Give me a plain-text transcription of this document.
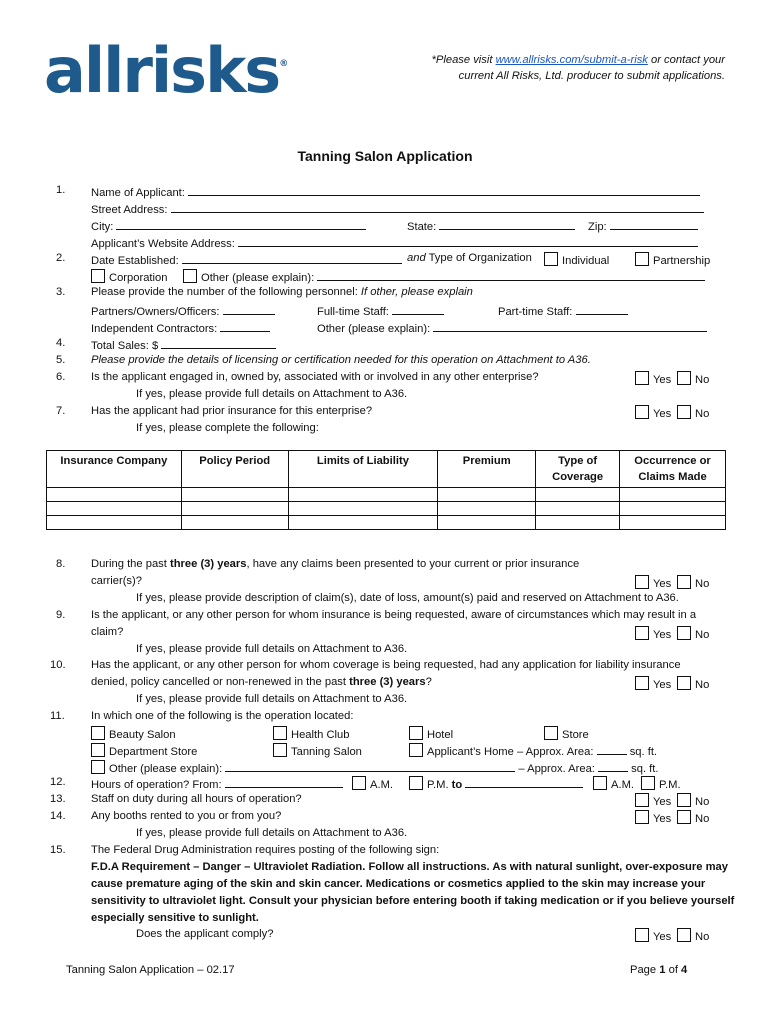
allrisks®	*Please visit www.allrisks.com/submit-a-risk or contact your current All Risks, Ltd. producer to submit applications.
Tanning Salon Application
1. Name of Applicant:
Street Address:
City:	State:	Zip:
Applicant’s Website Address:
2. Date Established:	and Type of Organization	Individual	Partnership
Corporation	Other (please explain):
3. Please provide the number of the following personnel: If other, please explain
Partners/Owners/Officers:	Full-time Staff:	Part-time Staff:
Independent Contractors:	Other (please explain):
4. Total Sales: $
5. Please provide the details of licensing or certification needed for this operation on Attachment to A36.
6. Is the applicant engaged in, owned by, associated with or involved in any other enterprise?	Yes	No
If yes, please provide full details on Attachment to A36.
7. Has the applicant had prior insurance for this enterprise?	Yes	No
If yes, please complete the following:
Insurance Company	Policy Period	Limits of Liability	Premium	Type of Coverage	Occurrence or Claims Made

8. During the past three (3) years, have any claims been presented to your current or prior insurance
carrier(s)?	Yes	No
If yes, please provide description of claim(s), date of loss, amount(s) paid and reserved on Attachment to A36.
9. Is the applicant, or any other person for whom insurance is being requested, aware of circumstances which may result in a
claim?	Yes	No
If yes, please provide full details on Attachment to A36.
10. Has the applicant, or any other person for whom coverage is being requested, had any application for liability insurance
denied, policy cancelled or non-renewed in the past three (3) years?	Yes	No
If yes, please provide full details on Attachment to A36.
11. In which one of the following is the operation located:
Beauty Salon	Health Club	Hotel	Store
Department Store	Tanning Salon	Applicant’s Home – Approx. Area:	sq. ft.
Other (please explain):	– Approx. Area:	sq. ft.
12. Hours of operation? From:	A.M.	P.M. to	A.M.	P.M.
13. Staff on duty during all hours of operation?	Yes	No
14. Any booths rented to you or from you?	Yes	No
If yes, please provide full details on Attachment to A36.
15. The Federal Drug Administration requires posting of the following sign:
F.D.A Requirement – Danger – Ultraviolet Radiation. Follow all instructions. As with natural sunlight, over-exposure may
cause premature aging of the skin and skin cancer. Medications or cosmetics applied to the skin may increase your
sensitivity to ultraviolet light. Consult your physician before entering booth if taking medication or if you believe yourself
especially sensitive to sunlight.
Does the applicant comply?	Yes	No
Tanning Salon Application – 02.17	Page 1 of 4
